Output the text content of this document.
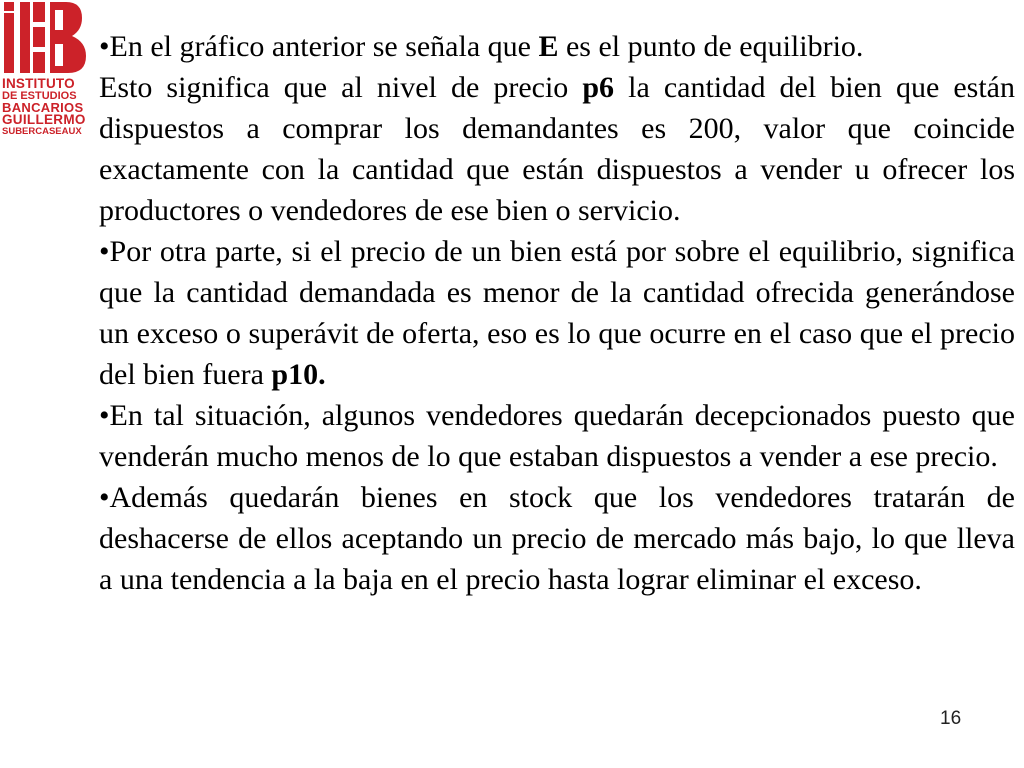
INSTITUTO
DE ESTUDIOS
BANCARIOS
GUILLERMO
SUBERCASEAUX
•En el gráfico anterior se señala que E es el punto de equilibrio.

Esto significa que al nivel de precio p6 la cantidad del bien que están dispuestos a comprar los demandantes es 200, valor que coincide exactamente con la cantidad que están dispuestos a vender u ofrecer los productores o vendedores de ese bien o servicio.

•Por otra parte, si el precio de un bien está por sobre el equilibrio, significa que la cantidad demandada es menor de la cantidad ofrecida generándose un exceso o superávit de oferta, eso es lo que ocurre en el caso que el precio del bien fuera p10.

•En tal situación, algunos vendedores quedarán decepcionados puesto que venderán mucho menos de lo que estaban dispuestos a vender a ese precio.

•Además quedarán bienes en stock que los vendedores tratarán de deshacerse de ellos aceptando un precio de mercado más bajo, lo que lleva a una tendencia a la baja en el precio hasta lograr eliminar el exceso.

16
